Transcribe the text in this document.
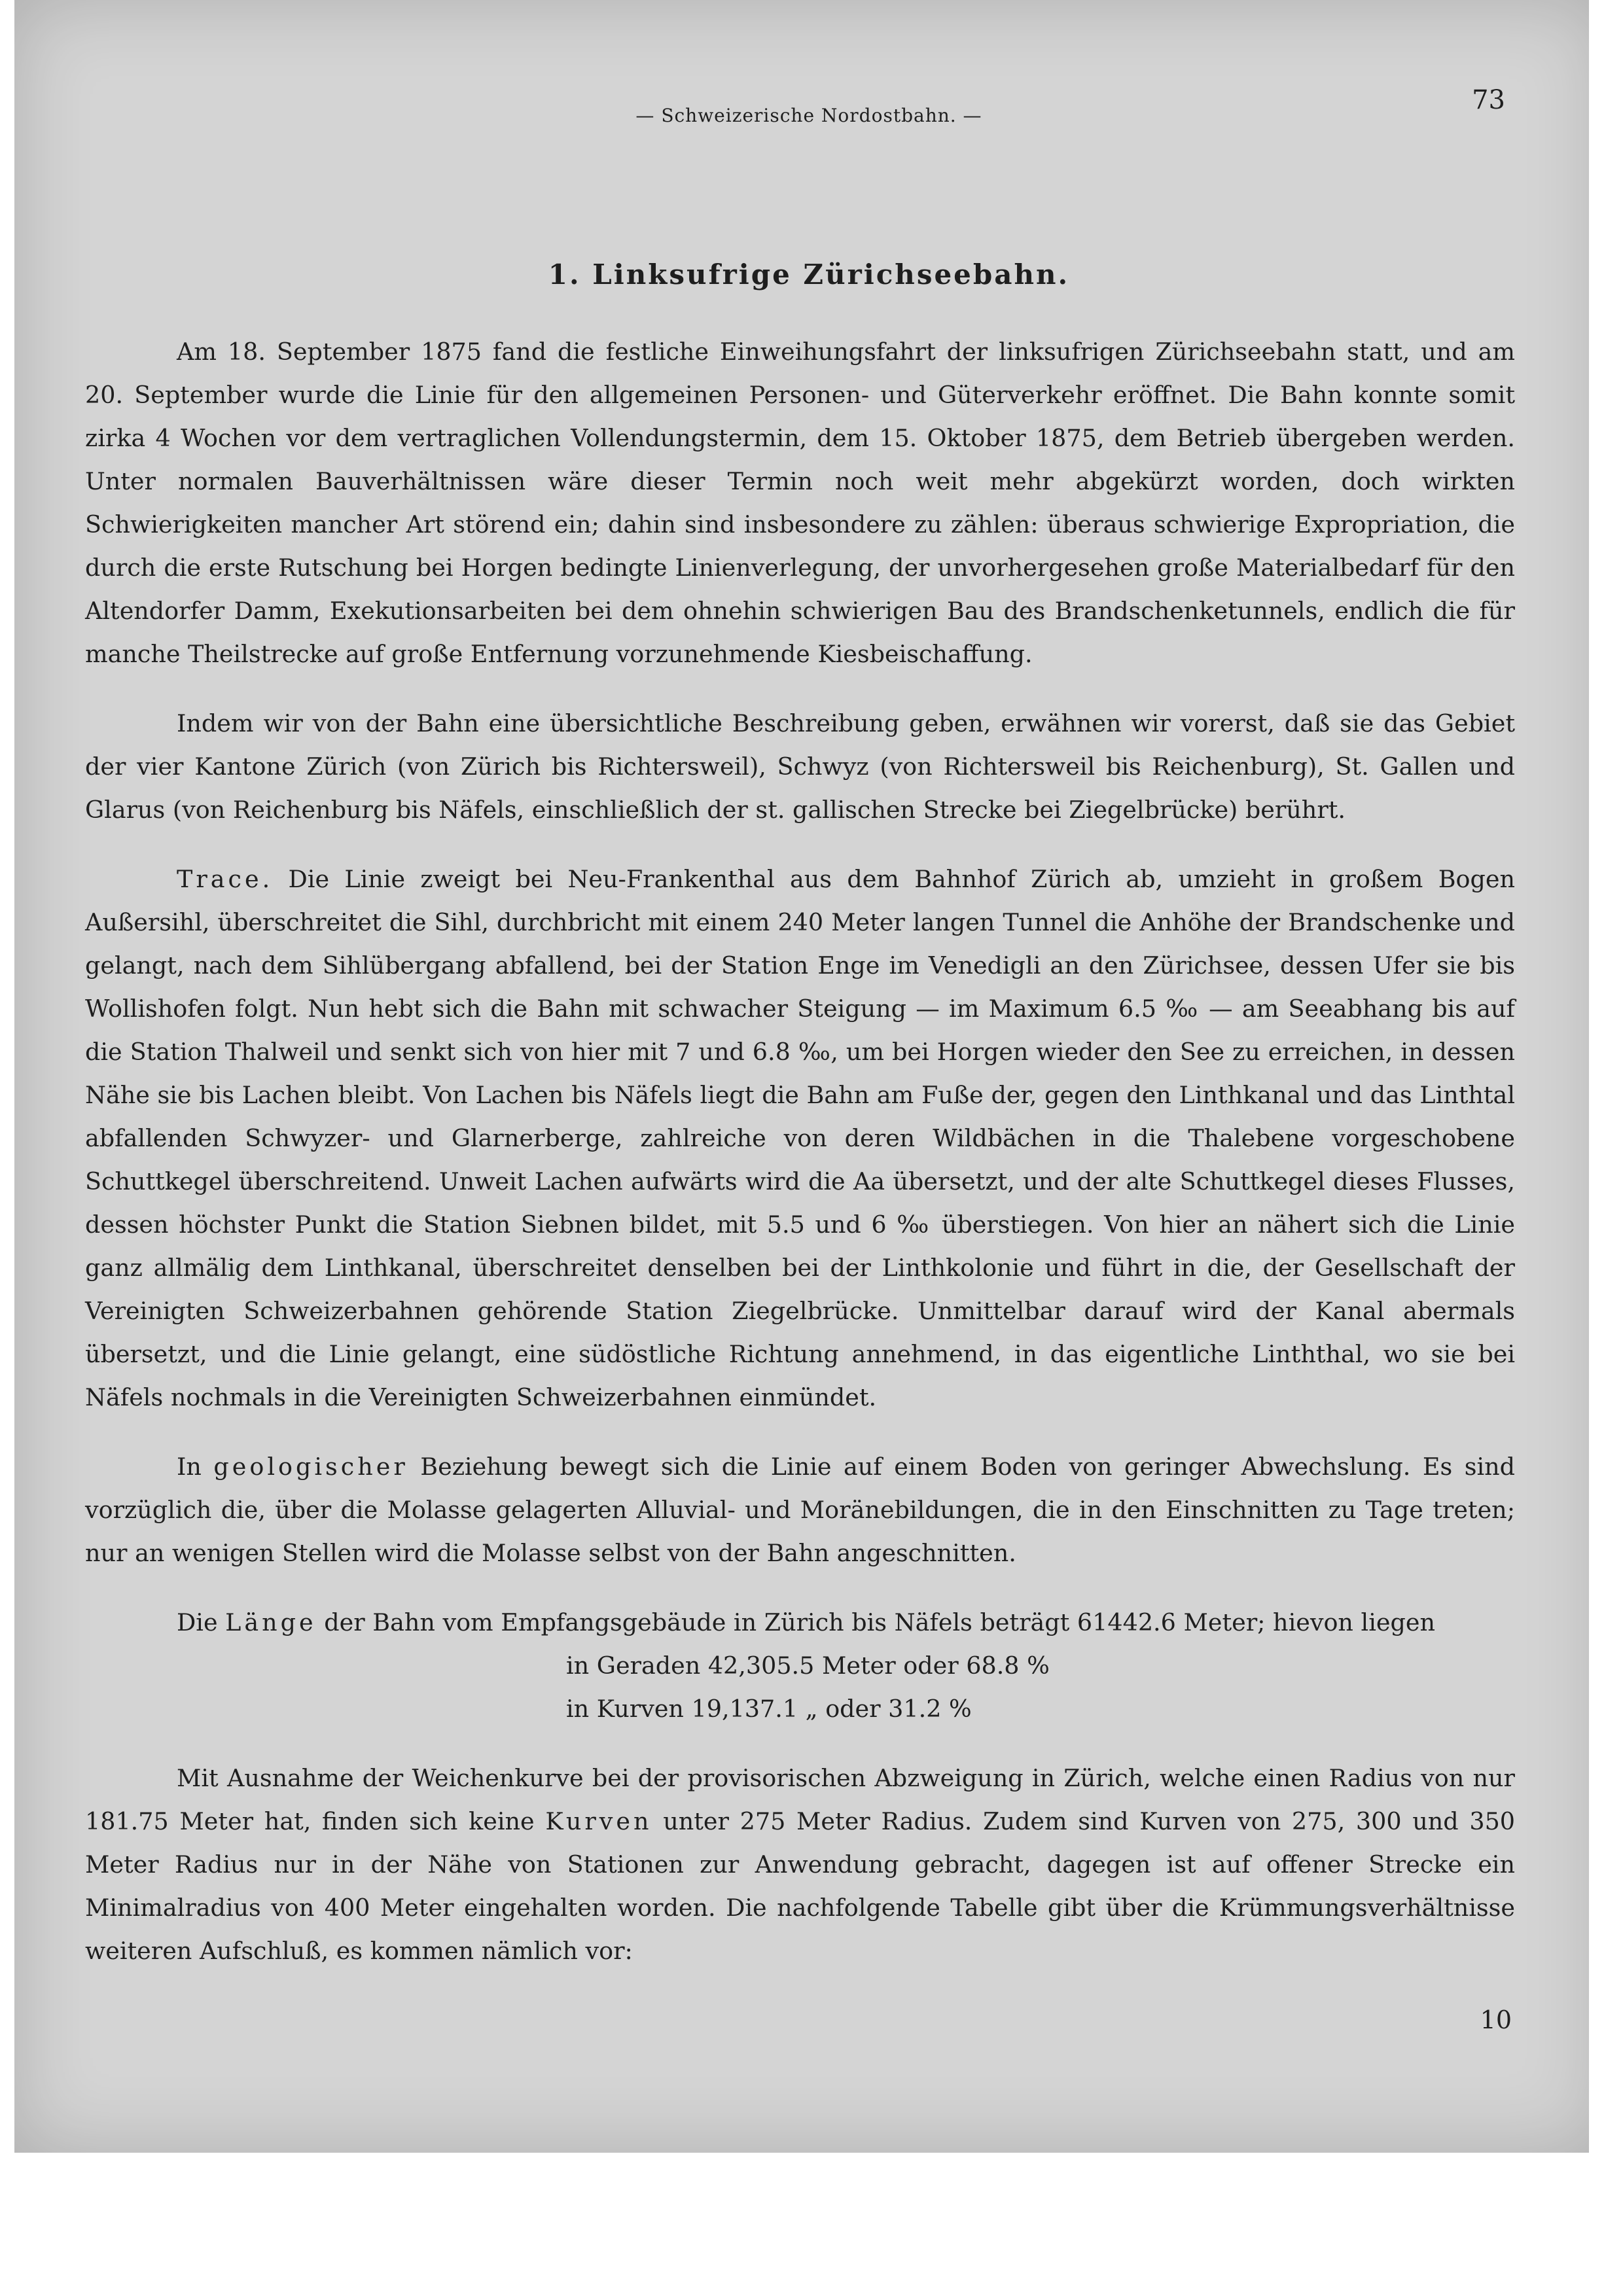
— Schweizerische Nordostbahn. —
73
1. Linksufrige Zürichseebahn.

Am 18. September 1875 fand die festliche Einweihungsfahrt der linksufrigen Zürichseebahn statt, und am 20. September wurde die Linie für den allgemeinen Personen- und Güterverkehr eröffnet. Die Bahn konnte somit zirka 4 Wochen vor dem vertraglichen Vollendungstermin, dem 15. Oktober 1875, dem Betrieb übergeben werden. Unter normalen Bauverhältnissen wäre dieser Termin noch weit mehr abgekürzt worden, doch wirkten Schwierigkeiten mancher Art störend ein; dahin sind insbesondere zu zählen: überaus schwierige Expropriation, die durch die erste Rutschung bei Horgen bedingte Linienverlegung, der unvorhergesehen große Materialbedarf für den Altendorfer Damm, Exekutionsarbeiten bei dem ohnehin schwierigen Bau des Brandschenketunnels, endlich die für manche Theilstrecke auf große Entfernung vorzunehmende Kiesbeischaffung.

Indem wir von der Bahn eine übersichtliche Beschreibung geben, erwähnen wir vorerst, daß sie das Gebiet der vier Kantone Zürich (von Zürich bis Richtersweil), Schwyz (von Richtersweil bis Reichenburg), St. Gallen und Glarus (von Reichenburg bis Näfels, einschließlich der st. gallischen Strecke bei Ziegelbrücke) berührt.

Trace. Die Linie zweigt bei Neu-Frankenthal aus dem Bahnhof Zürich ab, umzieht in großem Bogen Außersihl, überschreitet die Sihl, durchbricht mit einem 240 Meter langen Tunnel die Anhöhe der Brandschenke und gelangt, nach dem Sihlübergang abfallend, bei der Station Enge im Venedigli an den Zürichsee, dessen Ufer sie bis Wollishofen folgt. Nun hebt sich die Bahn mit schwacher Steigung — im Maximum 6.5 ‰ — am Seeabhang bis auf die Station Thalweil und senkt sich von hier mit 7 und 6.8 ‰, um bei Horgen wieder den See zu erreichen, in dessen Nähe sie bis Lachen bleibt. Von Lachen bis Näfels liegt die Bahn am Fuße der, gegen den Linthkanal und das Linthtal abfallenden Schwyzer- und Glarnerberge, zahlreiche von deren Wildbächen in die Thalebene vorgeschobene Schuttkegel überschreitend. Unweit Lachen aufwärts wird die Aa übersetzt, und der alte Schuttkegel dieses Flusses, dessen höchster Punkt die Station Siebnen bildet, mit 5.5 und 6 ‰ überstiegen. Von hier an nähert sich die Linie ganz allmälig dem Linthkanal, überschreitet denselben bei der Linthkolonie und führt in die, der Gesellschaft der Vereinigten Schweizerbahnen gehörende Station Ziegelbrücke. Unmittelbar darauf wird der Kanal abermals übersetzt, und die Linie gelangt, eine südöstliche Richtung annehmend, in das eigentliche Linththal, wo sie bei Näfels nochmals in die Vereinigten Schweizerbahnen einmündet.

In geologischer Beziehung bewegt sich die Linie auf einem Boden von geringer Abwechslung. Es sind vorzüglich die, über die Molasse gelagerten Alluvial- und Moränebildungen, die in den Einschnitten zu Tage treten; nur an wenigen Stellen wird die Molasse selbst von der Bahn angeschnitten.

Die Länge der Bahn vom Empfangsgebäude in Zürich bis Näfels beträgt 61442.6 Meter; hievon liegen
in Geraden 42,305.5 Meter oder 68.8 %
in Kurven 19,137.1 „ oder 31.2 %

Mit Ausnahme der Weichenkurve bei der provisorischen Abzweigung in Zürich, welche einen Radius von nur 181.75 Meter hat, finden sich keine Kurven unter 275 Meter Radius. Zudem sind Kurven von 275, 300 und 350 Meter Radius nur in der Nähe von Stationen zur Anwendung gebracht, dagegen ist auf offener Strecke ein Minimalradius von 400 Meter eingehalten worden. Die nachfolgende Tabelle gibt über die Krümmungsverhältnisse weiteren Aufschluß, es kommen nämlich vor:

10
